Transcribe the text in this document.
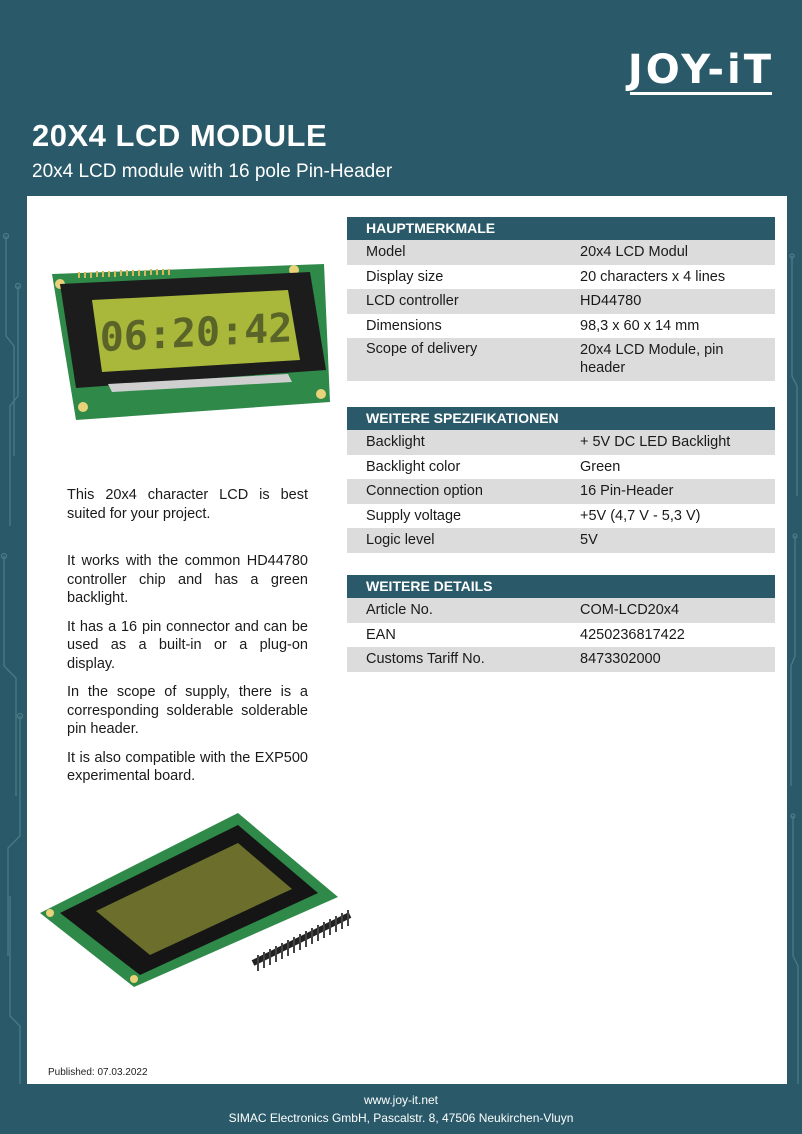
JOY-iT
20X4 LCD MODULE
20x4 LCD module with 16 pole Pin-Header
06:20:42

This 20x4 character LCD is best suited for your project.

It works with the common HD44780 controller chip and has a green backlight.

It has a 16 pin connector and can be used as a built-in or a plug-on display.

In the scope of supply, there is a corresponding solderable solderable pin header.

It is also compatible with the EXP500 experimental board.

HAUPTMERKMALE
Model	20x4 LCD Modul
Display size	20 characters x 4 lines
LCD controller	HD44780
Dimensions	98,3 x 60 x 14 mm
Scope of delivery	20x4 LCD Module, pin header
WEITERE SPEZIFIKATIONEN
Backlight	+ 5V DC LED Backlight
Backlight color	Green
Connection option	16 Pin-Header
Supply voltage	+5V (4,7 V - 5,3 V)
Logic level	5V
WEITERE DETAILS
Article No.	COM-LCD20x4
EAN	4250236817422
Customs Tariff No.	8473302000
Published: 07.03.2022
www.joy-it.net
SIMAC Electronics GmbH, Pascalstr. 8, 47506 Neukirchen-Vluyn
